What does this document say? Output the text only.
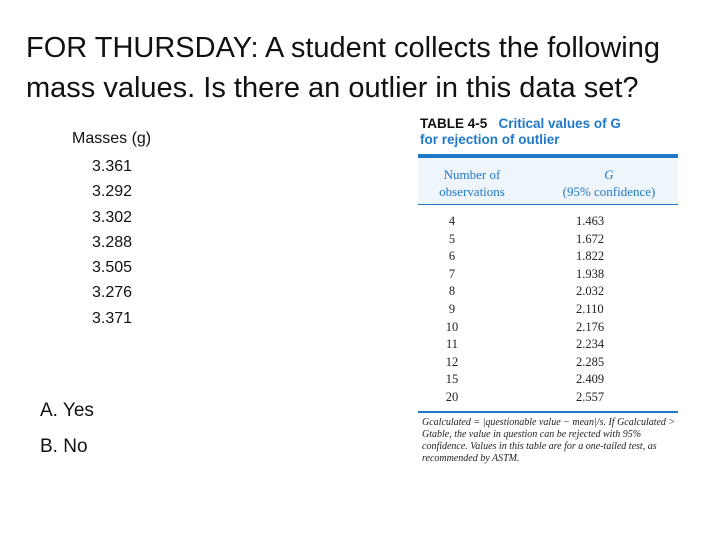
FOR THURSDAY: A student collects the following
mass values. Is there an outlier in this data set?
Masses (g)
3.361
3.292
3.302
3.288
3.505
3.276
3.371
A. Yes
B. No
TABLE 4-5 Critical values of G
for rejection of outlier
Number of
observations
G
(95% confidence)
4	1.463
5	1.672
6	1.822
7	1.938
8	2.032
9	2.110
10	2.176
11	2.234
12	2.285
15	2.409
20	2.557
Gcalculated = |questionable value − mean|/s. If Gcalculated > Gtable, the value in question can be rejected with 95% confidence. Values in this table are for a one-tailed test, as recommended by ASTM.
